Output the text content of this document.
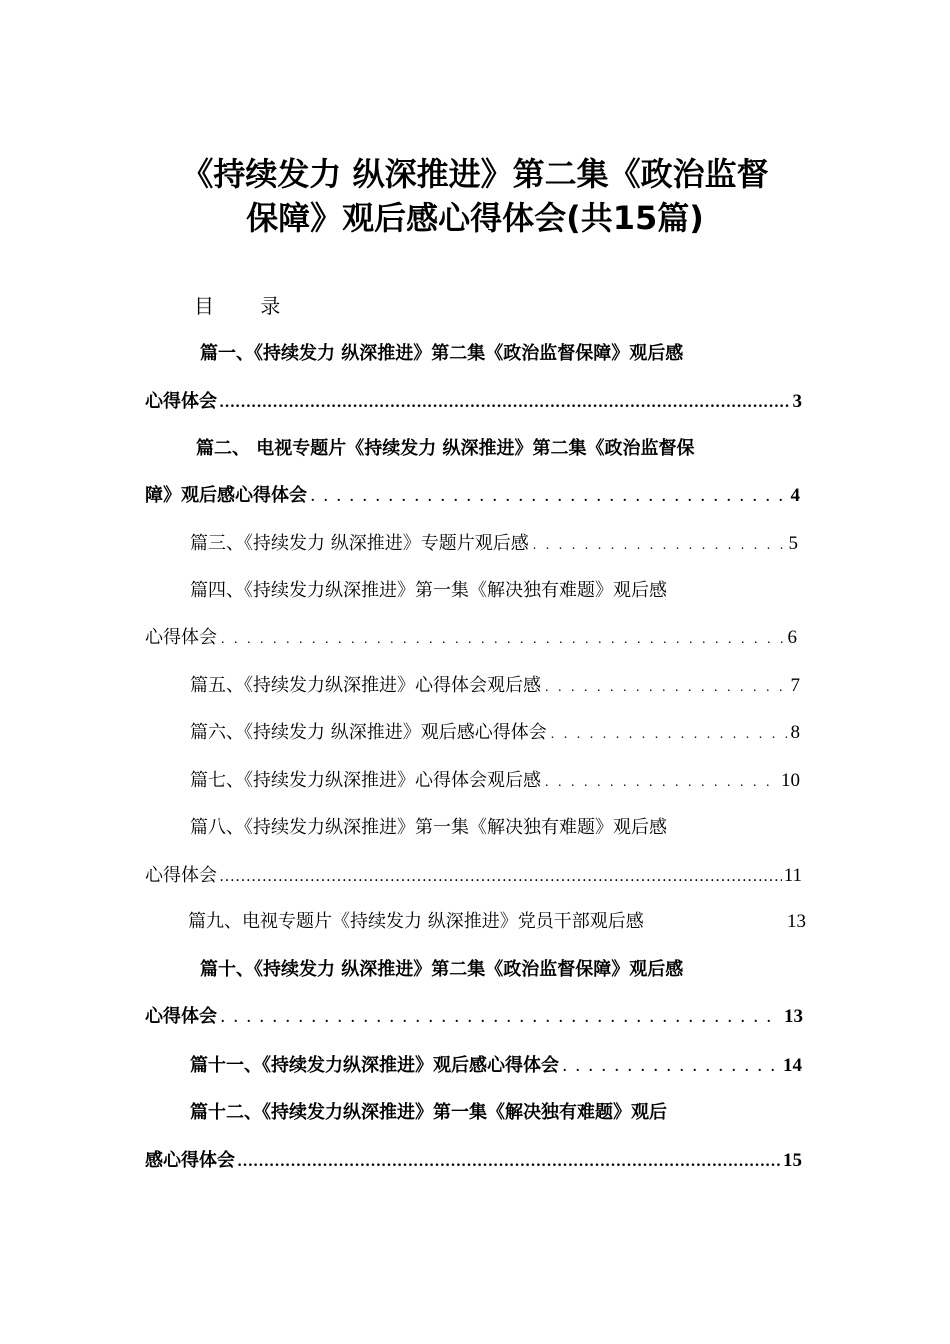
《持续发力 纵深推进》第二集《政治监督
保障》观后感心得体会(共15篇)
目 录
篇一、《持续发力 纵深推进》第二集《政治监督保障》观后感
心得体会 ……………………………………………………………………………………………………………………………………………	3
篇二、 电视专题片《持续发力 纵深推进》第二集《政治监督保
障》观后感心得体会 . . .	4
篇三、《持续发力 纵深推进》专题片观后感 . . .	5
篇四、《持续发力纵深推进》第一集《解决独有难题》观后感
心得体会 . . .	6
篇五、《持续发力纵深推进》心得体会观后感 . . .	7
篇六、《持续发力 纵深推进》观后感心得体会 . . .	8
篇七、《持续发力纵深推进》心得体会观后感 . . .	10
篇八、《持续发力纵深推进》第一集《解决独有难题》观后感
心得体会 ……………………………………………………………………………………………………………………………………………	11
篇九、电视专题片《持续发力 纵深推进》党员干部观后感	13
篇十、《持续发力 纵深推进》第二集《政治监督保障》观后感
心得体会 . . .	13
篇十一、《持续发力纵深推进》观后感心得体会 . . .	14
篇十二、《持续发力纵深推进》第一集《解决独有难题》观后
感心得体会 ……………………………………………………………………………………………………………………………………………	15
